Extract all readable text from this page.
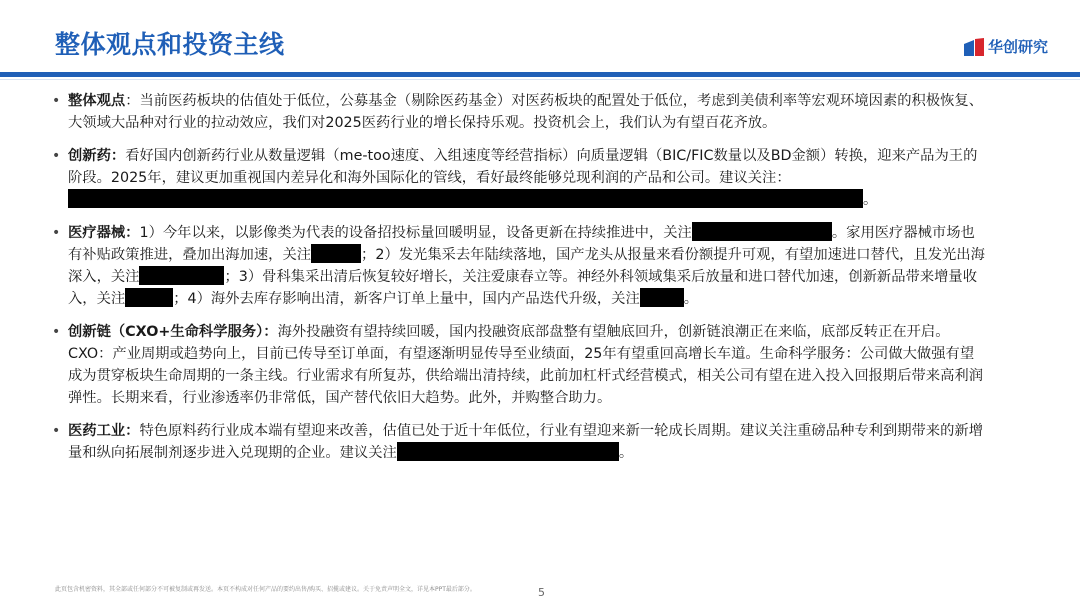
整体观点和投资主线	华创研究
• 整体观点：当前医药板块的估值处于低位，公募基金（剔除医药基金）对医药板块的配置处于低位，考虑到美债利率等宏观环境因素的积极恢复、大领域大品种对行业的拉动效应，我们对2025医药行业的增长保持乐观。投资机会上，我们认为有望百花齐放。
• 创新药：看好国内创新药行业从数量逻辑（me-too速度、入组速度等经营指标）向质量逻辑（BIC/FIC数量以及BD金额）转换，迎来产品为王的阶段。2025年，建议更加重视国内差异化和海外国际化的管线，看好最终能够兑现利润的产品和公司。建议关注：。
• 医疗器械：1）今年以来，以影像类为代表的设备招投标量回暖明显，设备更新在持续推进中，关注	。家用医疗器械市场也有补贴政策推进，叠加出海加速，关注	；2）发光集采去年陆续落地，国产龙头从报量来看份额提升可观，有望加速进口替代，且发光出海深入，关注	；3）骨科集采出清后恢复较好增长，关注爱康春立等。神经外科领域集采后放量和进口替代加速，创新新品带来增量收入，关注	；4）海外去库存影响出清，新客户订单上量中，国内产品迭代升级，关注	。
• 创新链（CXO+生命科学服务）：海外投融资有望持续回暖，国内投融资底部盘整有望触底回升，创新链浪潮正在来临，底部反转正在开启。CXO：产业周期或趋势向上，目前已传导至订单面，有望逐渐明显传导至业绩面，25年有望重回高增长车道。生命科学服务：公司做大做强有望成为贯穿板块生命周期的一条主线。行业需求有所复苏，供给端出清持续，此前加杠杆式经营模式，相关公司有望在进入投入回报期后带来高利润弹性。长期来看，行业渗透率仍非常低，国产替代依旧大趋势。此外，并购整合助力。
• 医药工业：特色原料药行业成本端有望迎来改善，估值已处于近十年低位，行业有望迎来新一轮成长周期。建议关注重磅品种专利到期带来的新增量和纵向拓展制剂逐步进入兑现期的企业。建议关注	。
此页包含机密资料，其全部或任何部分不可被复制或再发送。本页不构成对任何产品的要约出售/购买、招揽或建议。关于免责声明全文，详见本PPT最后部分。	5
